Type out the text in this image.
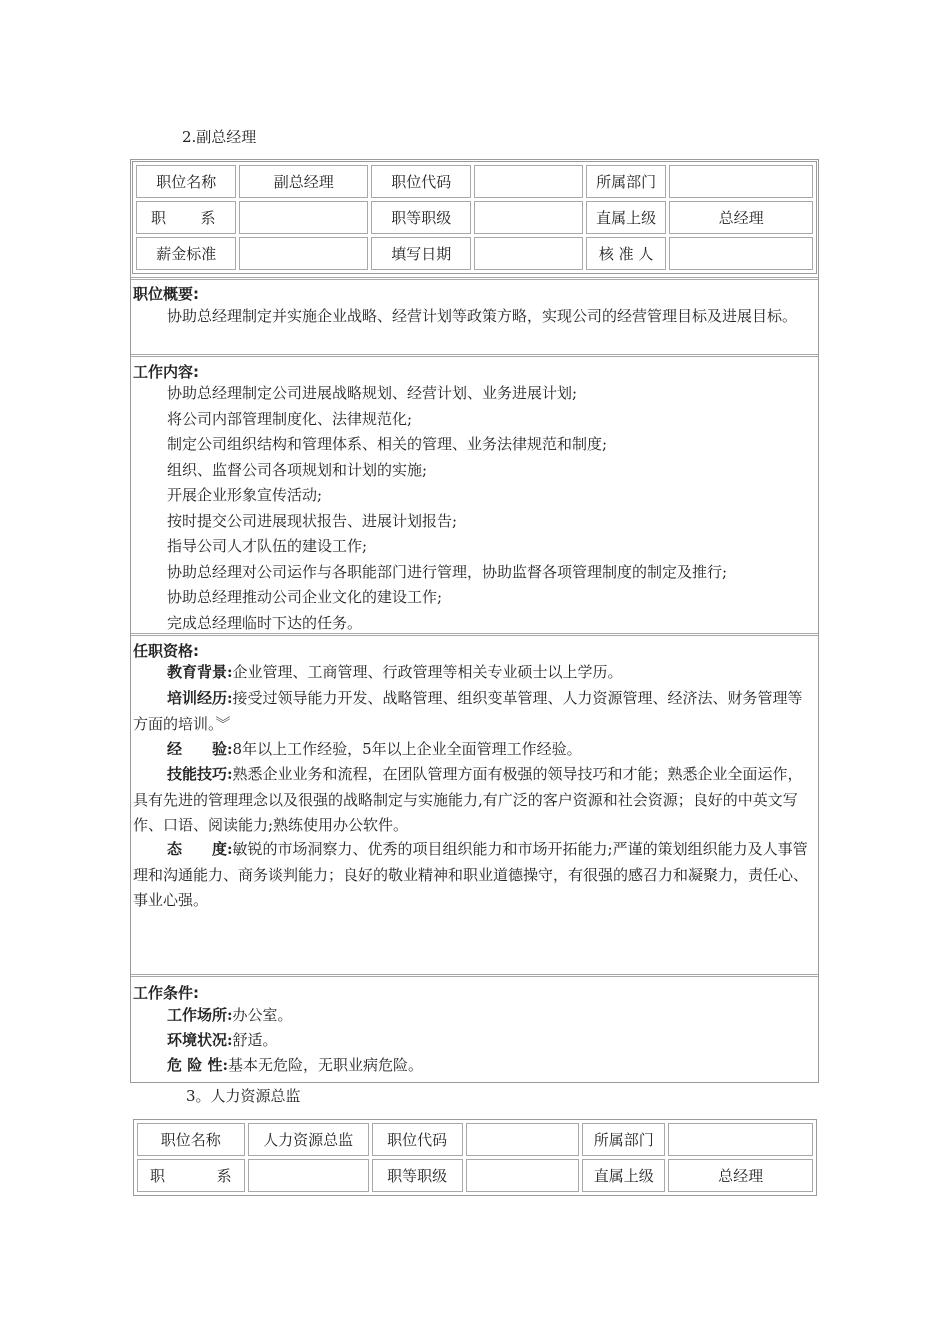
2.副总经理
职位名称	副总经理	职位代码		所属部门	
职　　系		职等职级		直属上级	总经理
薪金标准		填写日期		核 准 人	
职位概要:
协助总经理制定并实施企业战略、经营计划等政策方略，实现公司的经营管理目标及进展目标。
工作内容:
协助总经理制定公司进展战略规划、经营计划、业务进展计划;
将公司内部管理制度化、法律规范化;
制定公司组织结构和管理体系、相关的管理、业务法律规范和制度;
组织、监督公司各项规划和计划的实施;
开展企业形象宣传活动;
按时提交公司进展现状报告、进展计划报告;
指导公司人才队伍的建设工作;
协助总经理对公司运作与各职能部门进行管理，协助监督各项管理制度的制定及推行;
协助总经理推动公司企业文化的建设工作;
完成总经理临时下达的任务。
任职资格:
教育背景:企业管理、工商管理、行政管理等相关专业硕士以上学历。
培训经历:接受过领导能力开发、战略管理、组织变革管理、人力资源管理、经济法、财务管理等方面的培训。︾
经　　验:8年以上工作经验，5年以上企业全面管理工作经验。
技能技巧:熟悉企业业务和流程，在团队管理方面有极强的领导技巧和才能；熟悉企业全面运作，具有先进的管理理念以及很强的战略制定与实施能力,有广泛的客户资源和社会资源；良好的中英文写作、口语、阅读能力;熟练使用办公软件。
态　　度:敏锐的市场洞察力、优秀的项目组织能力和市场开拓能力;严谨的策划组织能力及人事管理和沟通能力、商务谈判能力；良好的敬业精神和职业道德操守，有很强的感召力和凝聚力，责任心、事业心强。
工作条件:
工作场所:办公室。
环境状况:舒适。
危 险 性:基本无危险，无职业病危险。
3。人力资源总监
职位名称	人力资源总监	职位代码		所属部门	
职　　系		职等职级		直属上级	总经理
